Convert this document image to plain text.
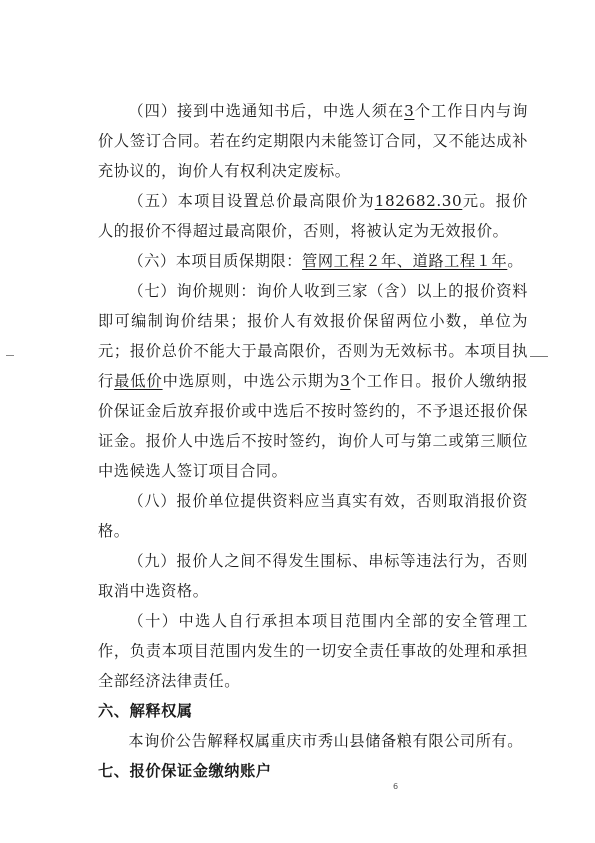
（四）接到中选通知书后，中选人须在3个工作日内与询价人签订合同。若在约定期限内未能签订合同，又不能达成补充协议的，询价人有权利决定废标。

（五）本项目设置总价最高限价为182682.30元。报价人的报价不得超过最高限价，否则，将被认定为无效报价。

（六）本项目质保期限：管网工程２年、道路工程１年。

（七）询价规则：询价人收到三家（含）以上的报价资料即可编制询价结果；报价人有效报价保留两位小数，单位为元；报价总价不能大于最高限价，否则为无效标书。本项目执行最低价中选原则，中选公示期为3个工作日。报价人缴纳报价保证金后放弃报价或中选后不按时签约的，不予退还报价保证金。报价人中选后不按时签约，询价人可与第二或第三顺位中选候选人签订项目合同。

（八）报价单位提供资料应当真实有效，否则取消报价资格。

（九）报价人之间不得发生围标、串标等违法行为，否则取消中选资格。

（十）中选人自行承担本项目范围内全部的安全管理工作，负责本项目范围内发生的一切安全责任事故的处理和承担全部经济法律责任。

六、解释权属

本询价公告解释权属重庆市秀山县储备粮有限公司所有。

七、报价保证金缴纳账户

6
